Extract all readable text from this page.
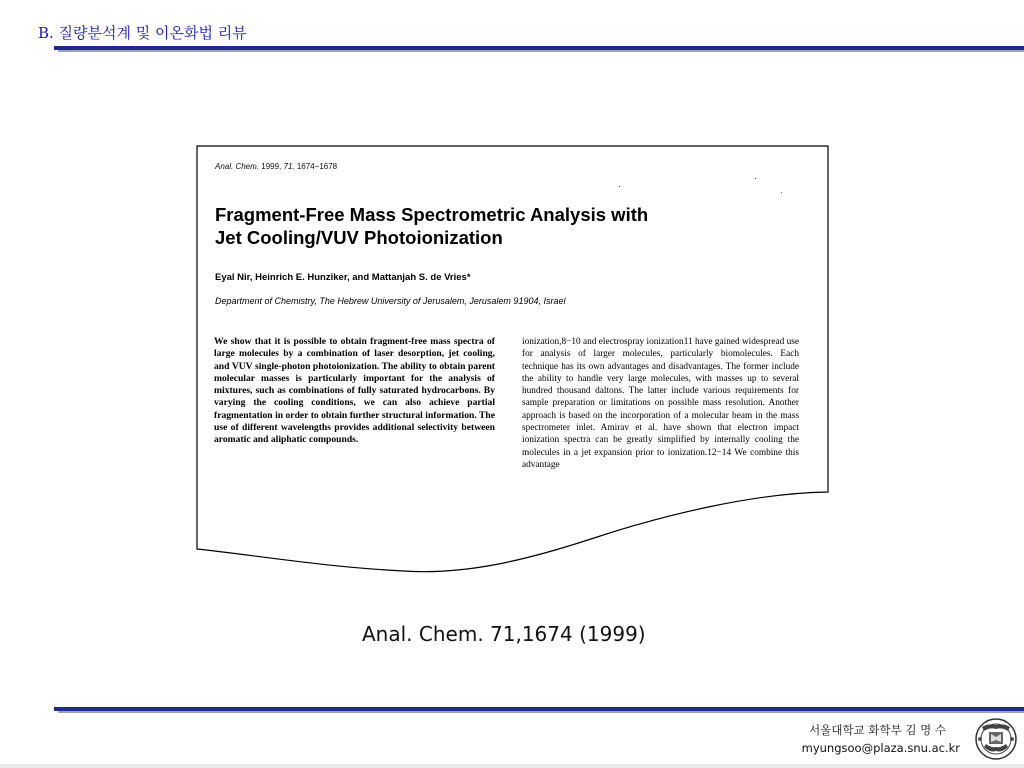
B. 질량분석계 및 이온화법 리뷰
Anal. Chem. 1999, 71, 1674−1678
Fragment-Free Mass Spectrometric Analysis with
Jet Cooling/VUV Photoionization
Eyal Nir, Heinrich E. Hunziker, and Mattanjah S. de Vries*
Department of Chemistry, The Hebrew University of Jerusalem, Jerusalem 91904, Israel

We show that it is possible to obtain fragment-free mass spectra of large molecules by a combination of laser desorption, jet cooling, and VUV single-photon photoionization. The ability to obtain parent molecular masses is particularly important for the analysis of mixtures, such as combinations of fully saturated hydrocarbons. By varying the cooling conditions, we can also achieve partial fragmentation in order to obtain further structural information. The use of different wavelengths provides additional selectivity between aromatic and aliphatic compounds.

ionization,8−10 and electrospray ionization11 have gained widespread use for analysis of larger molecules, particularly biomolecules. Each technique has its own advantages and disadvantages. The former include the ability to handle very large molecules, with masses up to several hundred thousand daltons. The latter include various requirements for sample preparation or limitations on possible mass resolution. Another approach is based on the incorporation of a molecular beam in the mass spectrometer inlet. Amirav et al. have shown that electron impact ionization spectra can be greatly simplified by internally cooling the molecules in a jet expansion prior to ionization.12−14 We combine this advantage

Anal. Chem. 71,1674 (1999)
서울대학교 화학부 김 명 수
myungsoo@plaza.snu.ac.kr
